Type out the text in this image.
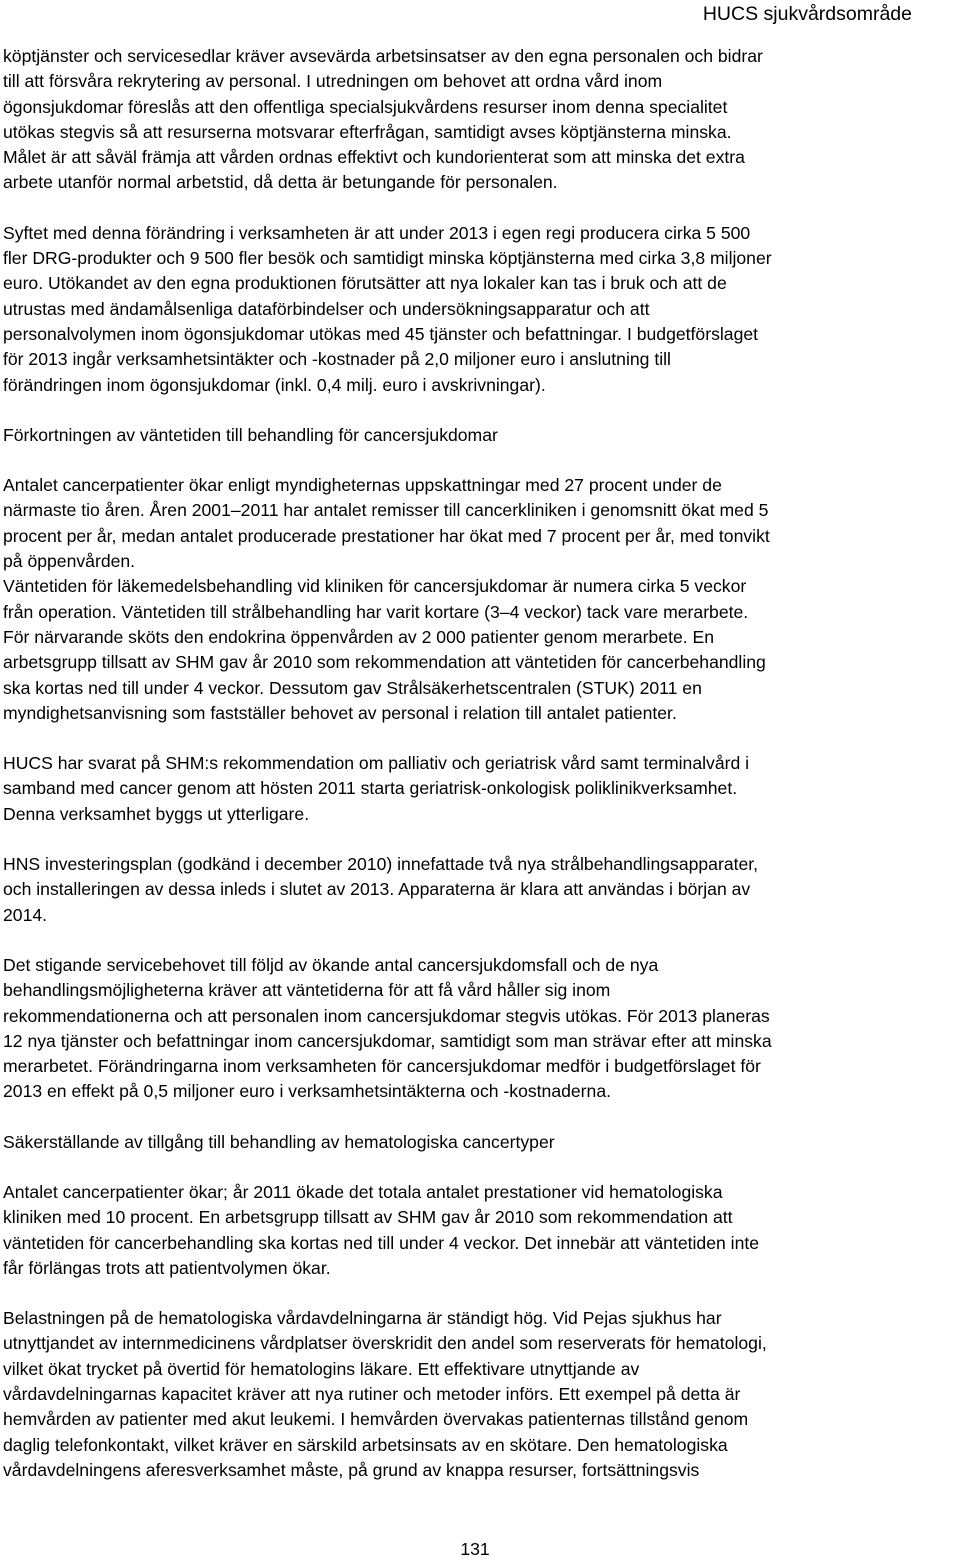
HUCS sjukvårdsområde

köptjänster och servicesedlar kräver avsevärda arbetsinsatser av den egna personalen och bidrar
till att försvåra rekrytering av personal. I utredningen om behovet att ordna vård inom
ögonsjukdomar föreslås att den offentliga specialsjukvårdens resurser inom denna specialitet
utökas stegvis så att resurserna motsvarar efterfrågan, samtidigt avses köptjänsterna minska.
Målet är att såväl främja att vården ordnas effektivt och kundorienterat som att minska det extra
arbete utanför normal arbetstid, då detta är betungande för personalen.

Syftet med denna förändring i verksamheten är att under 2013 i egen regi producera cirka 5 500
fler DRG-produkter och 9 500 fler besök och samtidigt minska köptjänsterna med cirka 3,8 miljoner
euro. Utökandet av den egna produktionen förutsätter att nya lokaler kan tas i bruk och att de
utrustas med ändamålsenliga dataförbindelser och undersökningsapparatur och att
personalvolymen inom ögonsjukdomar utökas med 45 tjänster och befattningar. I budgetförslaget
för 2013 ingår verksamhetsintäkter och -kostnader på 2,0 miljoner euro i anslutning till
förändringen inom ögonsjukdomar (inkl. 0,4 milj. euro i avskrivningar).

Förkortningen av väntetiden till behandling för cancersjukdomar

Antalet cancerpatienter ökar enligt myndigheternas uppskattningar med 27 procent under de
närmaste tio åren. Åren 2001–2011 har antalet remisser till cancerkliniken i genomsnitt ökat med 5
procent per år, medan antalet producerade prestationer har ökat med 7 procent per år, med tonvikt
på öppenvården.
Väntetiden för läkemedelsbehandling vid kliniken för cancersjukdomar är numera cirka 5 veckor
från operation. Väntetiden till strålbehandling har varit kortare (3–4 veckor) tack vare merarbete.
För närvarande sköts den endokrina öppenvården av 2 000 patienter genom merarbete. En
arbetsgrupp tillsatt av SHM gav år 2010 som rekommendation att väntetiden för cancerbehandling
ska kortas ned till under 4 veckor. Dessutom gav Strålsäkerhetscentralen (STUK) 2011 en
myndighetsanvisning som fastställer behovet av personal i relation till antalet patienter.

HUCS har svarat på SHM:s rekommendation om palliativ och geriatrisk vård samt terminalvård i
samband med cancer genom att hösten 2011 starta geriatrisk-onkologisk poliklinikverksamhet.
Denna verksamhet byggs ut ytterligare.

HNS investeringsplan (godkänd i december 2010) innefattade två nya strålbehandlingsapparater,
och installeringen av dessa inleds i slutet av 2013. Apparaterna är klara att användas i början av
2014.

Det stigande servicebehovet till följd av ökande antal cancersjukdomsfall och de nya
behandlingsmöjligheterna kräver att väntetiderna för att få vård håller sig inom
rekommendationerna och att personalen inom cancersjukdomar stegvis utökas. För 2013 planeras
12 nya tjänster och befattningar inom cancersjukdomar, samtidigt som man strävar efter att minska
merarbetet. Förändringarna inom verksamheten för cancersjukdomar medför i budgetförslaget för
2013 en effekt på 0,5 miljoner euro i verksamhetsintäkterna och -kostnaderna.

Säkerställande av tillgång till behandling av hematologiska cancertyper

Antalet cancerpatienter ökar; år 2011 ökade det totala antalet prestationer vid hematologiska
kliniken med 10 procent. En arbetsgrupp tillsatt av SHM gav år 2010 som rekommendation att
väntetiden för cancerbehandling ska kortas ned till under 4 veckor. Det innebär att väntetiden inte
får förlängas trots att patientvolymen ökar.

Belastningen på de hematologiska vårdavdelningarna är ständigt hög. Vid Pejas sjukhus har
utnyttjandet av internmedicinens vårdplatser överskridit den andel som reserverats för hematologi,
vilket ökat trycket på övertid för hematologins läkare. Ett effektivare utnyttjande av
vårdavdelningarnas kapacitet kräver att nya rutiner och metoder införs. Ett exempel på detta är
hemvården av patienter med akut leukemi. I hemvården övervakas patienternas tillstånd genom
daglig telefonkontakt, vilket kräver en särskild arbetsinsats av en skötare. Den hematologiska
vårdavdelningens aferesverksamhet måste, på grund av knappa resurser, fortsättningsvis

131
